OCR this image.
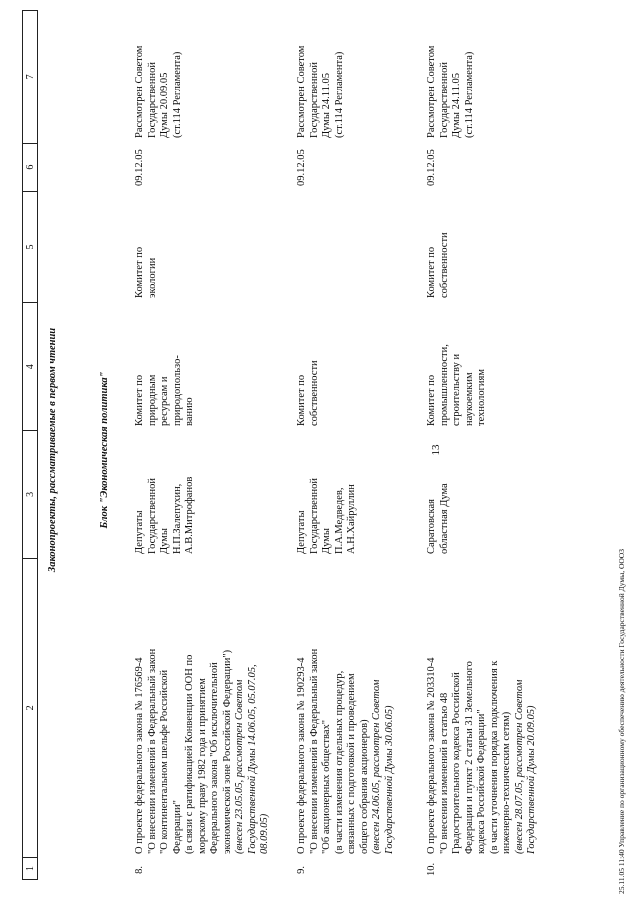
13
1
2
3
4
5
6
7
Законопроекты, рассматриваемые в первом чтении	Блок "Экономическая политика"
8.
О проекте федерального закона № 176569-4 "О внесении изменений в Федеральный закон "О континентальном шельфе Российской Федерации" (в связи с ратификацией Конвенции ООН по морскому праву 1982 года и принятием Федерального закона "Об исключительной экономической зоне Российской Федерации") (внесен 23.05.05, рассмотрен Советом Государственной Думы 14.06.05, 05.07.05, 08.09.05)
Депутаты Государственной Думы Н.П.Залепухин, А.В.Митрофанов
Комитет по природным ресурсам и природопользо- ванию
Комитет по экологии
09.12.05
Рассмотрен Советом Государственной Думы 20.09.05 (ст.114 Регламента)
9.
О проекте федерального закона № 190293-4 "О внесении изменений в Федеральный закон "Об акционерных обществах" (в части изменения отдельных процедур, связанных с подготовкой и проведением общего собрания акционеров) (внесен 24.06.05, рассмотрен Советом Государственной Думы 30.06.05)
Депутаты Государственной Думы П.А.Медведев, А.Н.Хайруллин
Комитет по собственности
09.12.05
Рассмотрен Советом Государственной Думы 24.11.05 (ст.114 Регламента)
10.
О проекте федерального закона № 203310-4 "О внесении изменений в статью 48 Градостроительного кодекса Российской Федерации и пункт 2 статьи 31 Земельного кодекса Российской Федерации" (в части уточнения порядка подключения к инженерно-техническим сетям) (внесен 28.07.05, рассмотрен Советом Государственной Думы 20.09.05)
Саратовская областная Дума
Комитет по промышленности, строительству и наукоемким технологиям
Комитет по собственности
09.12.05
Рассмотрен Советом Государственной Думы 24.11.05 (ст.114 Регламента)
25.11.05 11:40 Управление по организационному обеспечению деятельности Государственной Думы, ООО3
